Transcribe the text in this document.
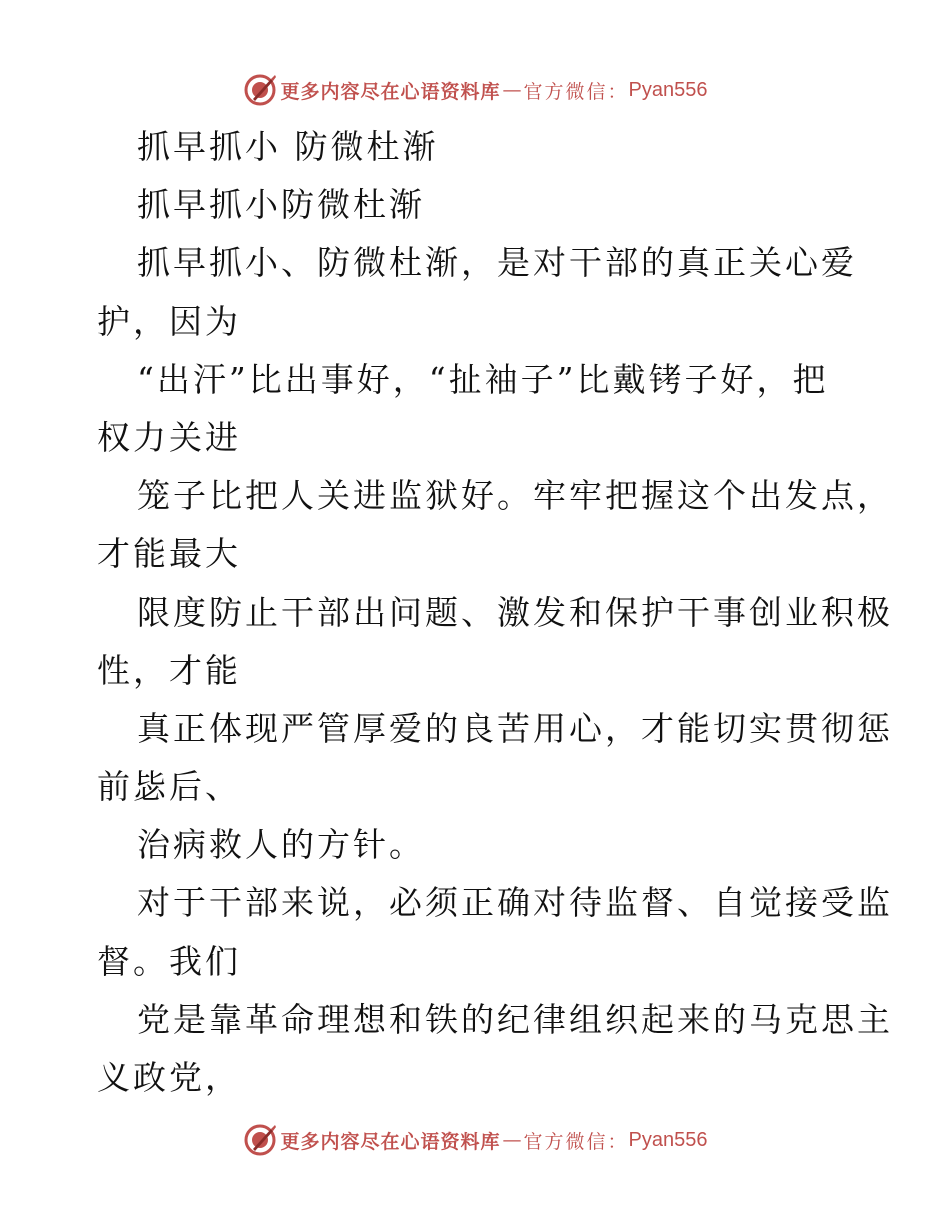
更多内容尽在心语资料库 — 官方微信： Pyan556
抓早抓小 防微杜渐
抓早抓小防微杜渐
抓早抓小、防微杜渐，是对干部的真正关心爱
护，因为
“出汗”比出事好，“扯袖子”比戴铐子好，把
权力关进
笼子比把人关进监狱好。牢牢把握这个出发点，
才能最大
限度防止干部出问题、激发和保护干事创业积极
性，才能
真正体现严管厚爱的良苦用心，才能切实贯彻惩
前毖后、
治病救人的方针。
对于干部来说，必须正确对待监督、自觉接受监
督。我们
党是靠革命理想和铁的纪律组织起来的马克思主
义政党，
更多内容尽在心语资料库 — 官方微信： Pyan556
